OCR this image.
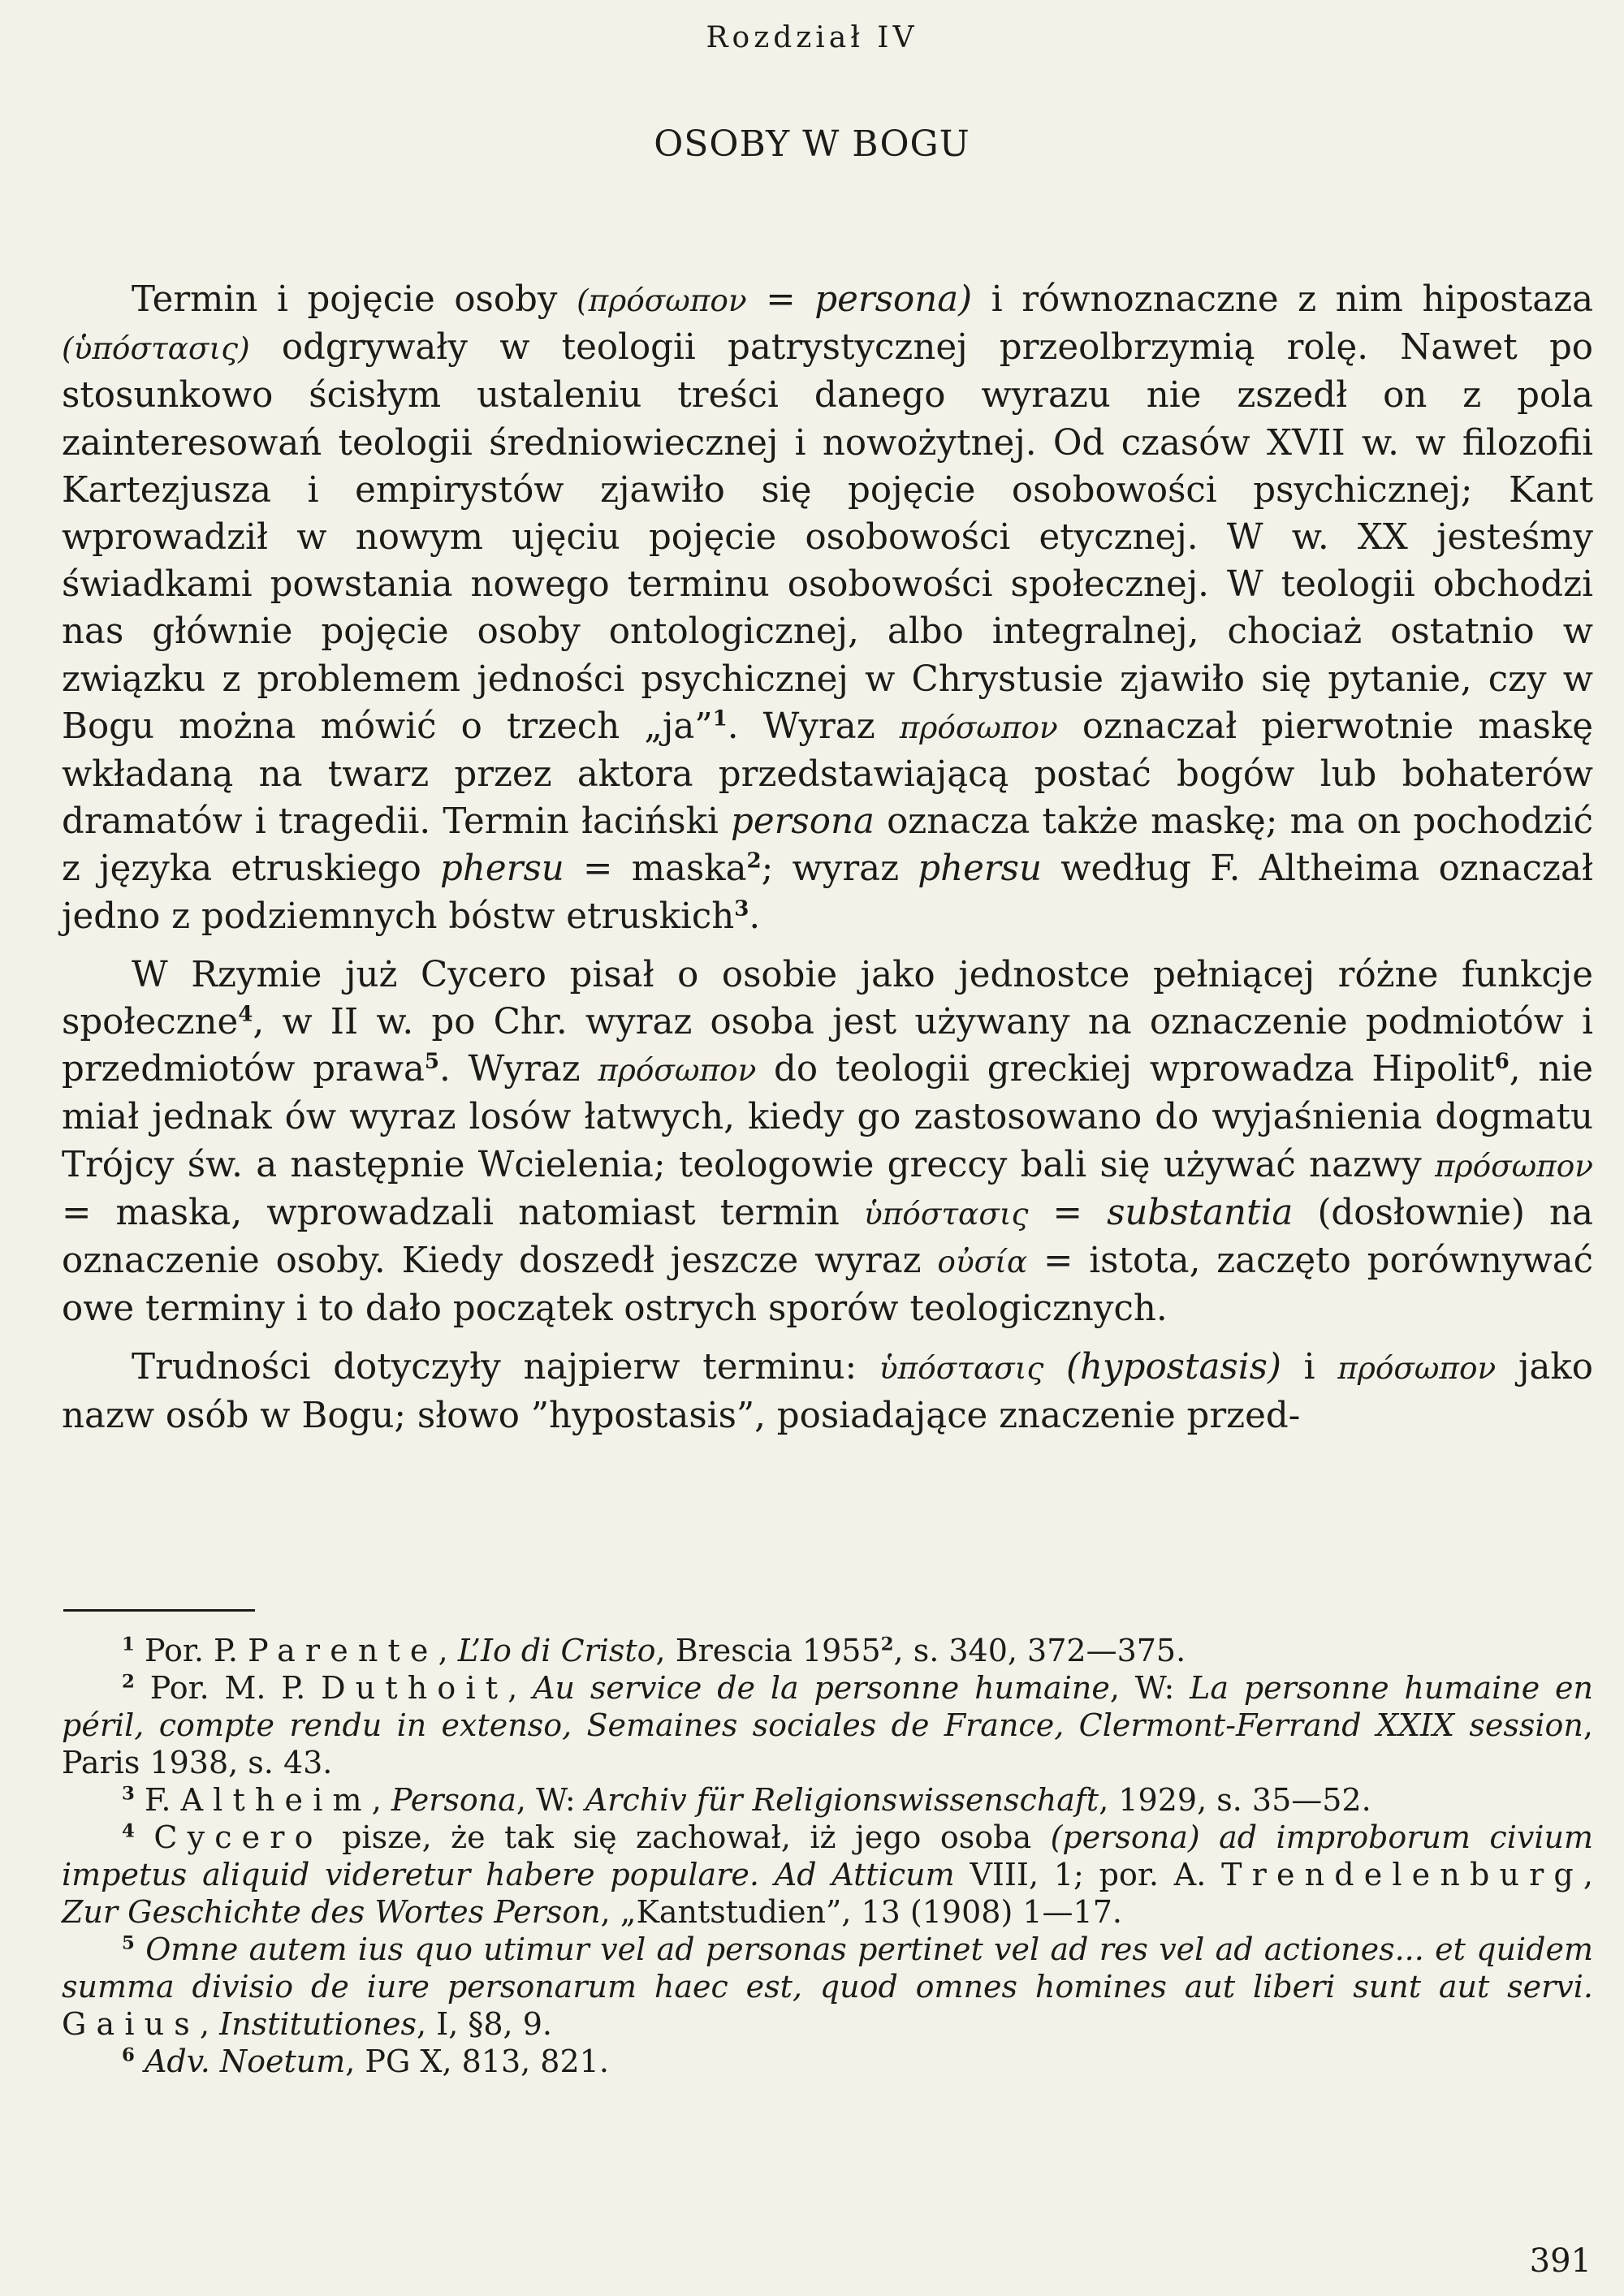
Rozdział IV
OSOBY W BOGU

Termin i pojęcie osoby (πρόσωπον = persona) i równoznaczne z nim hipostaza (ὑπόστασις) odgrywały w teologii patrystycznej przeolbrzymią rolę. Nawet po stosunkowo ścisłym ustaleniu treści danego wyrazu nie zszedł on z pola zainteresowań teologii średniowiecznej i nowożytnej. Od czasów XVII w. w filozofii Kartezjusza i empirystów zjawiło się pojęcie osobowości psychicznej; Kant wprowadził w nowym ujęciu pojęcie osobowości etycznej. W w. XX jesteśmy świadkami powstania nowego terminu osobowości społecznej. W teologii obchodzi nas głównie pojęcie osoby ontologicznej, albo integralnej, chociaż ostatnio w związku z problemem jedności psychicznej w Chrystusie zjawiło się pytanie, czy w Bogu można mówić o trzech „ja”$^1$. Wyraz πρόσωπον oznaczał pierwotnie maskę wkładaną na twarz przez aktora przedstawiającą postać bogów lub bohaterów dramatów i tragedii. Termin łaciński persona oznacza także maskę; ma on pochodzić z języka etruskiego phersu = maska$^2$; wyraz phersu według F. Altheima oznaczał jedno z podziemnych bóstw etruskich$^3$.

W Rzymie już Cycero pisał o osobie jako jednostce pełniącej różne funkcje społeczne$^4$, w II w. po Chr. wyraz osoba jest używany na oznaczenie podmiotów i przedmiotów prawa$^5$. Wyraz πρόσωπον do teologii greckiej wprowadza Hipolit$^6$, nie miał jednak ów wyraz losów łatwych, kiedy go zastosowano do wyjaśnienia dogmatu Trójcy św. a następnie Wcielenia; teologowie greccy bali się używać nazwy πρόσωπον = maska, wprowadzali natomiast termin ὑπόστασις = substantia (dosłownie) na oznaczenie osoby. Kiedy doszedł jeszcze wyraz οὐσία = istota, zaczęto porównywać owe terminy i to dało początek ostrych sporów teologicznych.

Trudności dotyczyły najpierw terminu: ὑπόστασις (hypostasis) i πρόσωπον jako nazw osób w Bogu; słowo ”hypostasis”, posiadające znaczenie przed-

$^1$ Por. P. Parente, L’Io di Cristo, Brescia 1955$^2$, s. 340, 372—375.

$^2$ Por. M. P. Duthoit, Au service de la personne humaine, W: La personne humaine en péril, compte rendu in extenso, Semaines sociales de France, Clermont-Ferrand XXIX session, Paris 1938, s. 43.

$^3$ F. Altheim, Persona, W: Archiv für Religionswissenschaft, 1929, s. 35—52.

$^4$ Cycero pisze, że tak się zachował, iż jego osoba (persona) ad improborum civium impetus aliquid videretur habere populare. Ad Atticum VIII, 1; por. A. Trendelenburg, Zur Geschichte des Wortes Person, „Kantstudien”, 13 (1908) 1—17.

$^5$ Omne autem ius quo utimur vel ad personas pertinet vel ad res vel ad actiones... et quidem summa divisio de iure personarum haec est, quod omnes homines aut liberi sunt aut servi. Gaius, Institutiones, I, §8, 9.

$^6$ Adv. Noetum, PG X, 813, 821.

391
